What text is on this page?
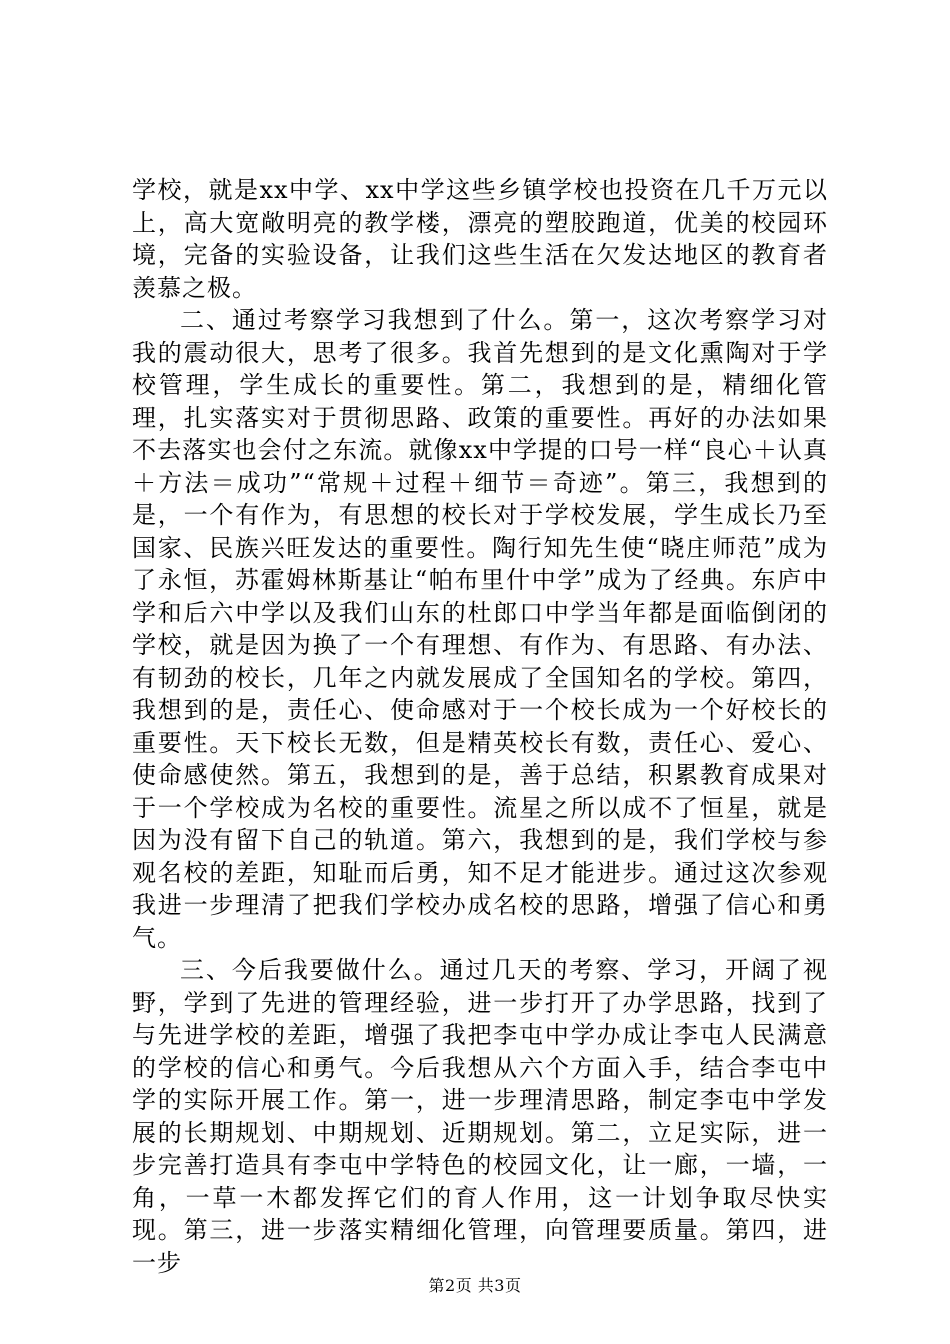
学校，就是xx中学、xx中学这些乡镇学校也投资在几千万元以上，高大宽敞明亮的教学楼，漂亮的塑胶跑道，优美的校园环境，完备的实验设备，让我们这些生活在欠发达地区的教育者羡慕之极。

二、通过考察学习我想到了什么。第一，这次考察学习对我的震动很大，思考了很多。我首先想到的是文化熏陶对于学校管理，学生成长的重要性。第二，我想到的是，精细化管理，扎实落实对于贯彻思路、政策的重要性。再好的办法如果不去落实也会付之东流。就像xx中学提的口号一样“良心＋认真＋方法＝成功”“常规＋过程＋细节＝奇迹”。第三，我想到的是，一个有作为，有思想的校长对于学校发展，学生成长乃至国家、民族兴旺发达的重要性。陶行知先生使“晓庄师范”成为了永恒，苏霍姆林斯基让“帕布里什中学”成为了经典。东庐中学和后六中学以及我们山东的杜郎口中学当年都是面临倒闭的学校，就是因为换了一个有理想、有作为、有思路、有办法、有韧劲的校长，几年之内就发展成了全国知名的学校。第四，我想到的是，责任心、使命感对于一个校长成为一个好校长的重要性。天下校长无数，但是精英校长有数，责任心、爱心、使命感使然。第五，我想到的是，善于总结，积累教育成果对于一个学校成为名校的重要性。流星之所以成不了恒星，就是因为没有留下自己的轨道。第六，我想到的是，我们学校与参观名校的差距，知耻而后勇，知不足才能进步。通过这次参观我进一步理清了把我们学校办成名校的思路，增强了信心和勇气。

三、今后我要做什么。通过几天的考察、学习，开阔了视野，学到了先进的管理经验，进一步打开了办学思路，找到了与先进学校的差距，增强了我把李屯中学办成让李屯人民满意的学校的信心和勇气。今后我想从六个方面入手，结合李屯中学的实际开展工作。第一，进一步理清思路，制定李屯中学发展的长期规划、中期规划、近期规划。第二，立足实际，进一步完善打造具有李屯中学特色的校园文化，让一廊，一墙，一角，一草一木都发挥它们的育人作用，这一计划争取尽快实现。第三，进一步落实精细化管理，向管理要质量。第四，进一步

第2页 共3页
